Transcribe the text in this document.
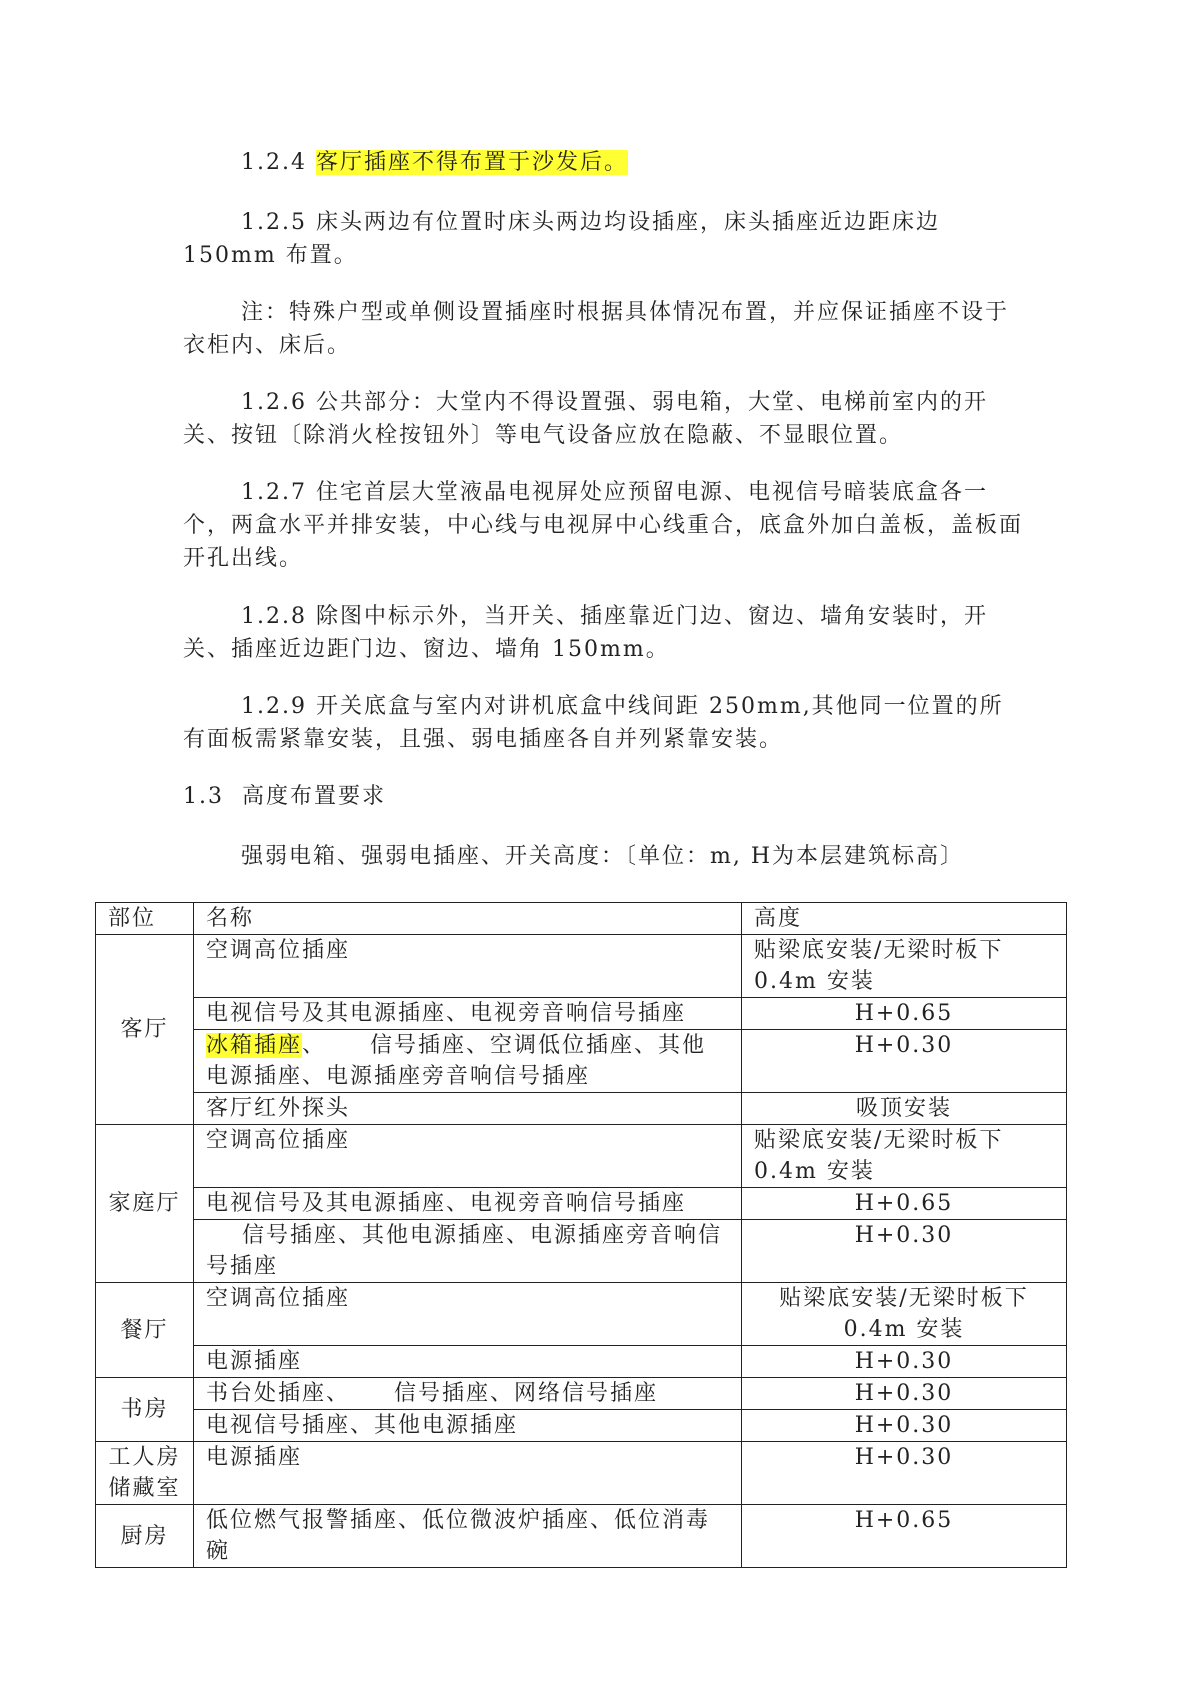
1.2.4 客厅插座不得布置于沙发后。

1.2.5 床头两边有位置时床头两边均设插座，床头插座近边距床边 150mm 布置。

注：特殊户型或单侧设置插座时根据具体情况布置，并应保证插座不设于衣柜内、床后。

1.2.6 公共部分：大堂内不得设置强、弱电箱，大堂、电梯前室内的开关、按钮〔除消火栓按钮外〕等电气设备应放在隐蔽、不显眼位置。

1.2.7 住宅首层大堂液晶电视屏处应预留电源、电视信号暗装底盒各一个，两盒水平并排安装，中心线与电视屏中心线重合，底盒外加白盖板，盖板面开孔出线。

1.2.8 除图中标示外，当开关、插座靠近门边、窗边、墙角安装时，开关、插座近边距门边、窗边、墙角 150mm。

1.2.9 开关底盒与室内对讲机底盒中线间距 250mm,其他同一位置的所有面板需紧靠安装，且强、弱电插座各自并列紧靠安装。

1.3 高度布置要求

强弱电箱、强弱电插座、开关高度：〔单位：m, H为本层建筑标高〕

部位	名称	高度
客厅	空调高位插座	贴梁底安装/无梁时板下0.4m 安装
	电视信号及其电源插座、电视旁音响信号插座	H+0.65
	冰箱插座、 信号插座、空调低位插座、其他电源插座、电源插座旁音响信号插座	H+0.30
	客厅红外探头	吸顶安装
家庭厅	空调高位插座	贴梁底安装/无梁时板下0.4m 安装
	电视信号及其电源插座、电视旁音响信号插座	H+0.65
	信号插座、其他电源插座、电源插座旁音响信号插座	H+0.30
餐厅	空调高位插座	贴梁底安装/无梁时板下0.4m 安装
	电源插座	H+0.30
书房	书台处插座、 信号插座、网络信号插座	H+0.30
	电视信号插座、其他电源插座	H+0.30
工人房储藏室	电源插座	H+0.30
厨房	低位燃气报警插座、低位微波炉插座、低位消毒碗	H+0.65
